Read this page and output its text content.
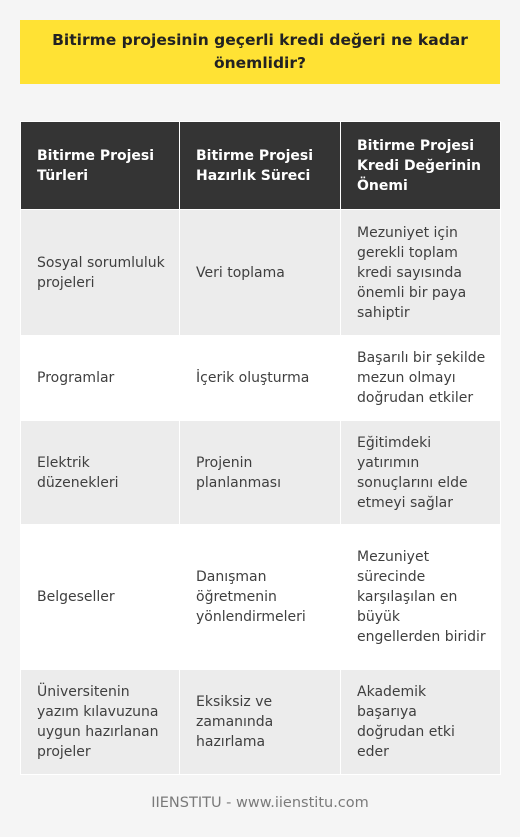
Bitirme projesinin geçerli kredi değeri ne kadar önemlidir?
Bitirme Projesi Türleri	Bitirme Projesi Hazırlık Süreci	Bitirme Projesi Kredi Değerinin Önemi
Sosyal sorumluluk projeleri	Veri toplama	Mezuniyet için gerekli toplam kredi sayısında önemli bir paya sahiptir
Programlar	İçerik oluşturma	Başarılı bir şekilde mezun olmayı doğrudan etkiler
Elektrik düzenekleri	Projenin planlanması	Eğitimdeki yatırımın sonuçlarını elde etmeyi sağlar
Belgeseller	Danışman öğretmenin yönlendirmeleri	Mezuniyet sürecinde karşılaşılan en büyük engellerden biridir
Üniversitenin yazım kılavuzuna uygun hazırlanan projeler	Eksiksiz ve zamanında hazırlama	Akademik başarıya doğrudan etki eder
IIENSTITU - www.iienstitu.com
